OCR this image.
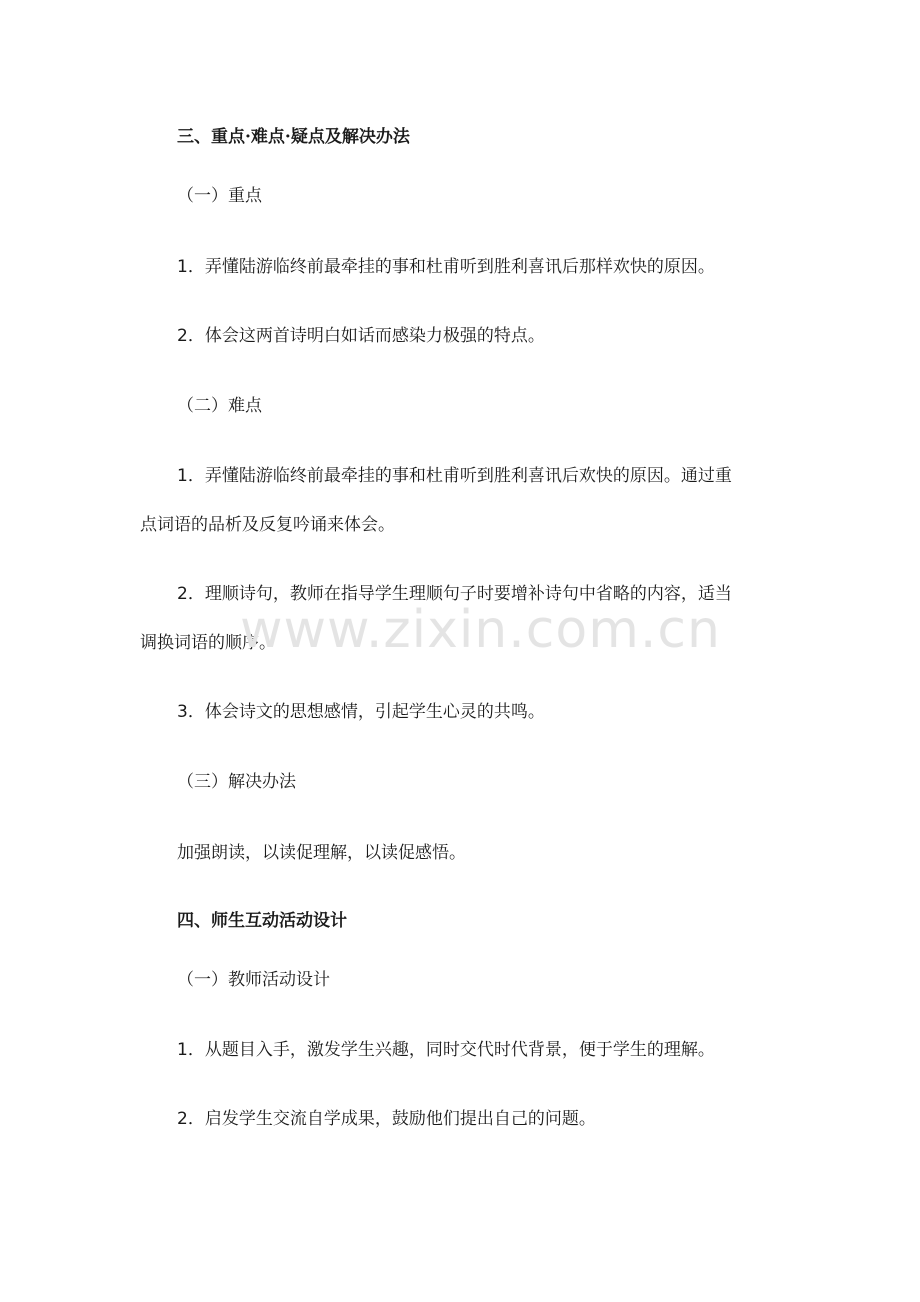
三、重点·难点·疑点及解决办法
（一）重点
1．弄懂陆游临终前最牵挂的事和杜甫听到胜利喜讯后那样欢快的原因。
2．体会这两首诗明白如话而感染力极强的特点。
（二）难点
1．弄懂陆游临终前最牵挂的事和杜甫听到胜利喜讯后欢快的原因。通过重
点词语的品析及反复吟诵来体会。
2．理顺诗句，教师在指导学生理顺句子时要增补诗句中省略的内容，适当
调换词语的顺序。
3．体会诗文的思想感情，引起学生心灵的共鸣。
（三）解决办法
加强朗读，以读促理解，以读促感悟。
四、师生互动活动设计
（一）教师活动设计
1．从题目入手，激发学生兴趣，同时交代时代背景，便于学生的理解。
2．启发学生交流自学成果，鼓励他们提出自己的问题。
www.zixin.com.cn
